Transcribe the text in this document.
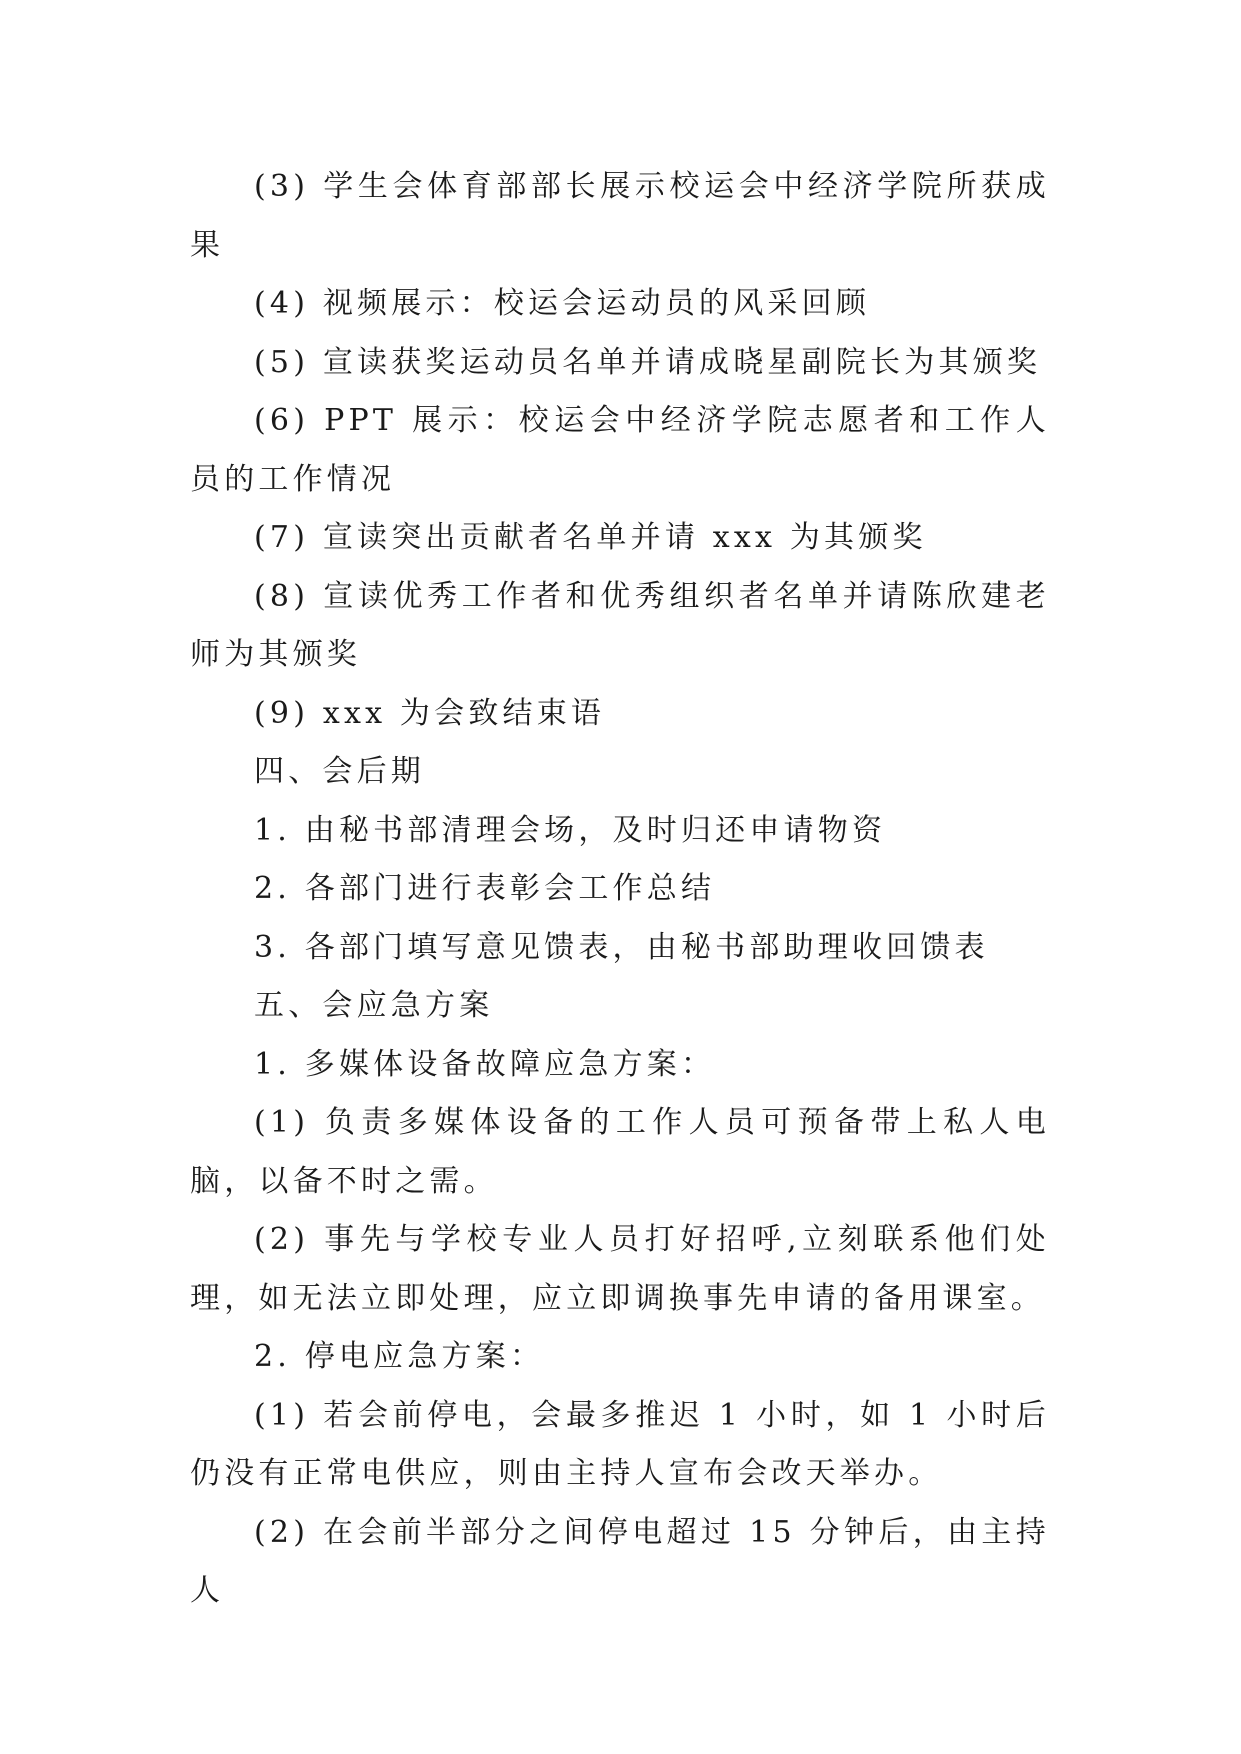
(3) 学生会体育部部长展示校运会中经济学院所获成果

(4) 视频展示：校运会运动员的风采回顾

(5) 宣读获奖运动员名单并请成晓星副院长为其颁奖

(6) PPT 展示：校运会中经济学院志愿者和工作人员的工作情况

(7) 宣读突出贡献者名单并请 xxx 为其颁奖

(8) 宣读优秀工作者和优秀组织者名单并请陈欣建老师为其颁奖

(9) xxx 为会致结束语

四、会后期

1. 由秘书部清理会场，及时归还申请物资

2. 各部门进行表彰会工作总结

3. 各部门填写意见馈表，由秘书部助理收回馈表

五、会应急方案

1. 多媒体设备故障应急方案：

(1) 负责多媒体设备的工作人员可预备带上私人电脑，以备不时之需。

(2) 事先与学校专业人员打好招呼,立刻联系他们处理，如无法立即处理，应立即调换事先申请的备用课室。

2. 停电应急方案：

(1) 若会前停电，会最多推迟 1 小时，如 1 小时后仍没有正常电供应，则由主持人宣布会改天举办。

(2) 在会前半部分之间停电超过 15 分钟后，由主持人
